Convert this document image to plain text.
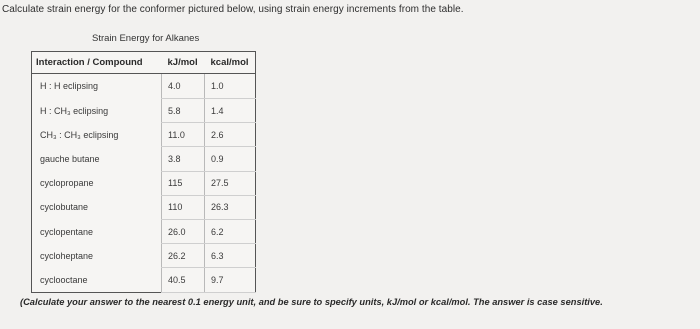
Calculate strain energy for the conformer pictured below, using strain energy increments from the table.
Strain Energy for Alkanes
Interaction / Compound	kJ/mol	kcal/mol
H : H eclipsing	4.0	1.0
H : CH₃ eclipsing	5.8	1.4
CH₃ : CH₃ eclipsing	11.0	2.6
gauche butane	3.8	0.9
cyclopropane	115	27.5
cyclobutane	110	26.3
cyclopentane	26.0	6.2
cycloheptane	26.2	6.3
cyclooctane	40.5	9.7
(Calculate your answer to the nearest 0.1 energy unit, and be sure to specify units, kJ/mol or kcal/mol. The answer is case sensitive.
